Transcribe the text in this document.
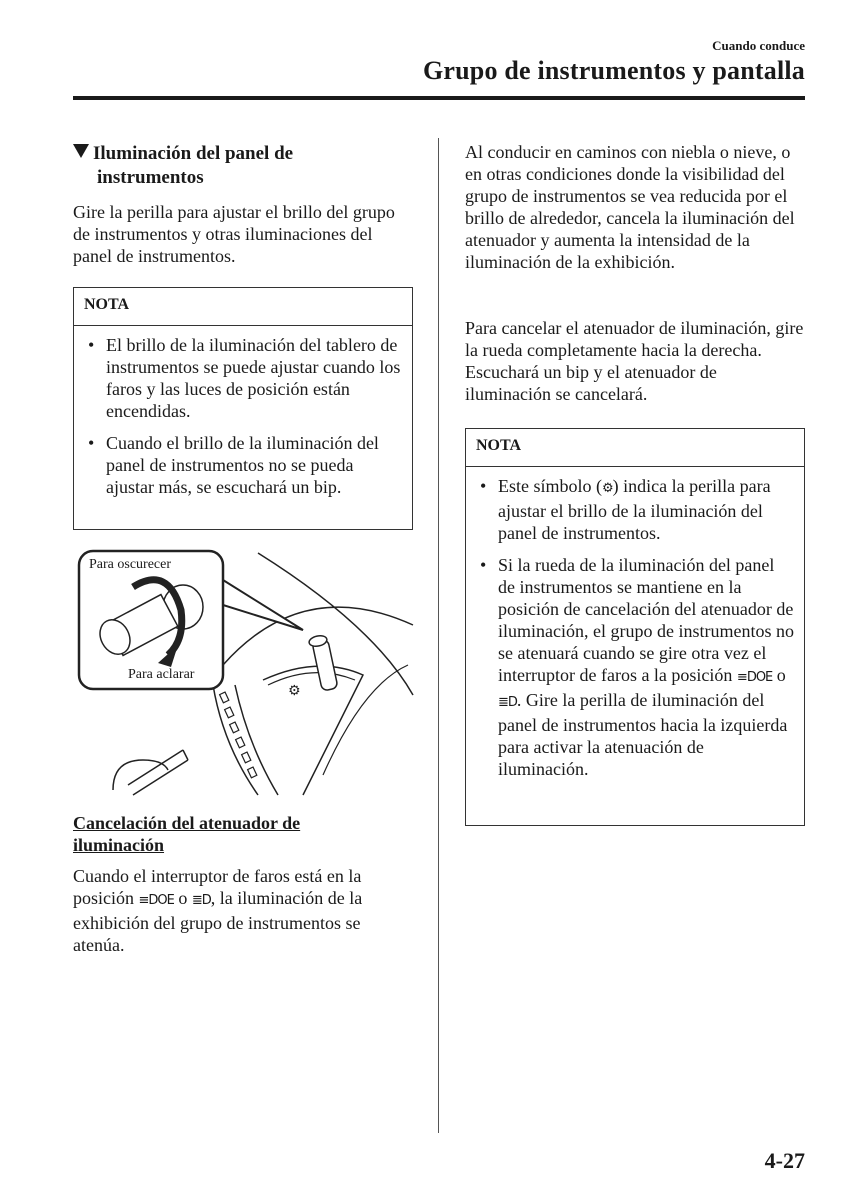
Cuando conduce
Grupo de instrumentos y pantalla
Iluminación del panel de
instrumentos

Gire la perilla para ajustar el brillo del grupo de instrumentos y otras iluminaciones del panel de instrumentos.

NOTA
• El brillo de la iluminación del tablero de instrumentos se puede ajustar cuando los faros y las luces de posición están encendidas.
• Cuando el brillo de la iluminación del panel de instrumentos no se pueda ajustar más, se escuchará un bip.
⚙
Para oscurecer
Para aclarar
Cancelación del atenuador de
iluminación

Cuando el interruptor de faros está en la posición ≡DOE o ≣D, la iluminación de la exhibición del grupo de instrumentos se atenúa.

Al conducir en caminos con niebla o nieve, o en otras condiciones donde la visibilidad del grupo de instrumentos se vea reducida por el brillo de alrededor, cancela la iluminación del atenuador y aumenta la intensidad de la iluminación de la exhibición.

Para cancelar el atenuador de iluminación, gire la rueda completamente hacia la derecha. Escuchará un bip y el atenuador de iluminación se cancelará.

NOTA
• Este símbolo (⚙) indica la perilla para ajustar el brillo de la iluminación del panel de instrumentos.
• Si la rueda de la iluminación del panel de instrumentos se mantiene en la posición de cancelación del atenuador de iluminación, el grupo de instrumentos no se atenuará cuando se gire otra vez el interruptor de faros a la posición ≡DOE o ≣D. Gire la perilla de iluminación del panel de instrumentos hacia la izquierda para activar la atenuación de iluminación.
4-27
